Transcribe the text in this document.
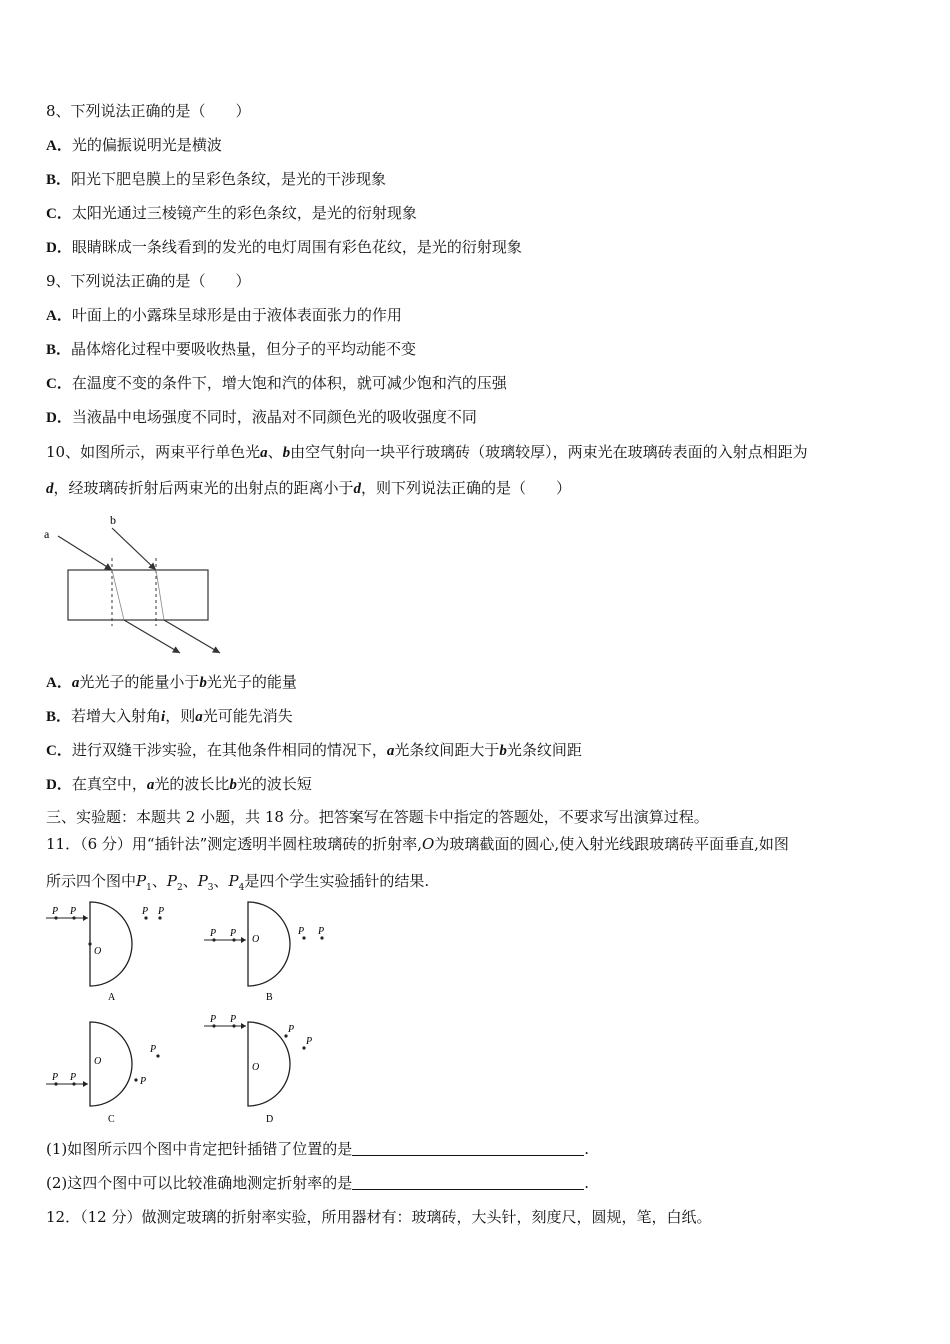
8、下列说法正确的是（　　）
A．光的偏振说明光是横波
B．阳光下肥皂膜上的呈彩色条纹，是光的干涉现象
C．太阳光通过三棱镜产生的彩色条纹，是光的衍射现象
D．眼睛眯成一条线看到的发光的电灯周围有彩色花纹，是光的衍射现象
9、下列说法正确的是（　　）
A．叶面上的小露珠呈球形是由于液体表面张力的作用
B．晶体熔化过程中要吸收热量，但分子的平均动能不变
C．在温度不变的条件下，增大饱和汽的体积，就可减少饱和汽的压强
D．当液晶中电场强度不同时，液晶对不同颜色光的吸收强度不同
10、如图所示，两束平行单色光a、b由空气射向一块平行玻璃砖（玻璃较厚），两束光在玻璃砖表面的入射点相距为
d，经玻璃砖折射后两束光的出射点的距离小于d，则下列说法正确的是（　　）
a
b
A．a光光子的能量小于b光光子的能量
B．若增大入射角i，则a光可能先消失
C．进行双缝干涉实验，在其他条件相同的情况下，a光条纹间距大于b光条纹间距
D．在真空中，a光的波长比b光的波长短
三、实验题：本题共 2 小题，共 18 分。把答案写在答题卡中指定的答题处，不要求写出演算过程。
11．（6 分）用“插针法”测定透明半圆柱玻璃砖的折射率,O为玻璃截面的圆心,使入射光线跟玻璃砖平面垂直,如图
所示四个图中$P_1$、$P_2$、$P_3$、$P_4$是四个学生实验插针的结果.
P P
O
P P
A
P P
O
P P
B
P P
O
P
P
C
P P
O
P
P
D
(1)如图所示四个图中肯定把针插错了位置的是	.
(2)这四个图中可以比较准确地测定折射率的是	.
12．（12 分）做测定玻璃的折射率实验，所用器材有：玻璃砖，大头针，刻度尺，圆规，笔，白纸。
